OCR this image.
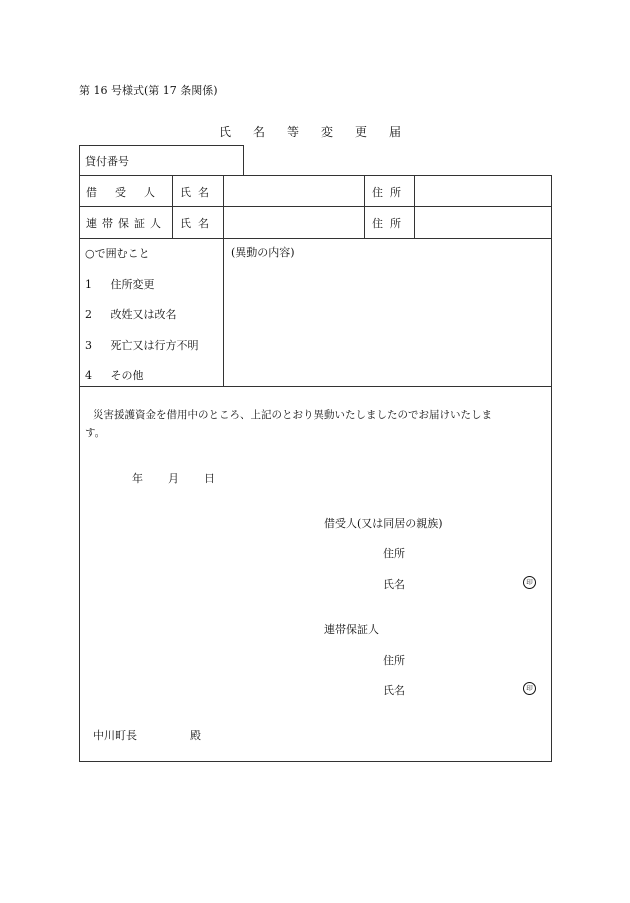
第 16 号様式(第 17 条関係)
氏名等変更届
貸付番号
借受人 氏名	住所
連帯保証人 氏名	住所
○で囲むこと
1 住所変更
2 改姓又は改名
3 死亡又は行方不明
4 その他
(異動の内容)
災害援護資金を借用中のところ、上記のとおり異動いたしましたのでお届けいたしま
す。
年 月 日
借受人(又は同居の親族)
住所
氏名	印
連帯保証人
住所
氏名	印
中川町長	殿
